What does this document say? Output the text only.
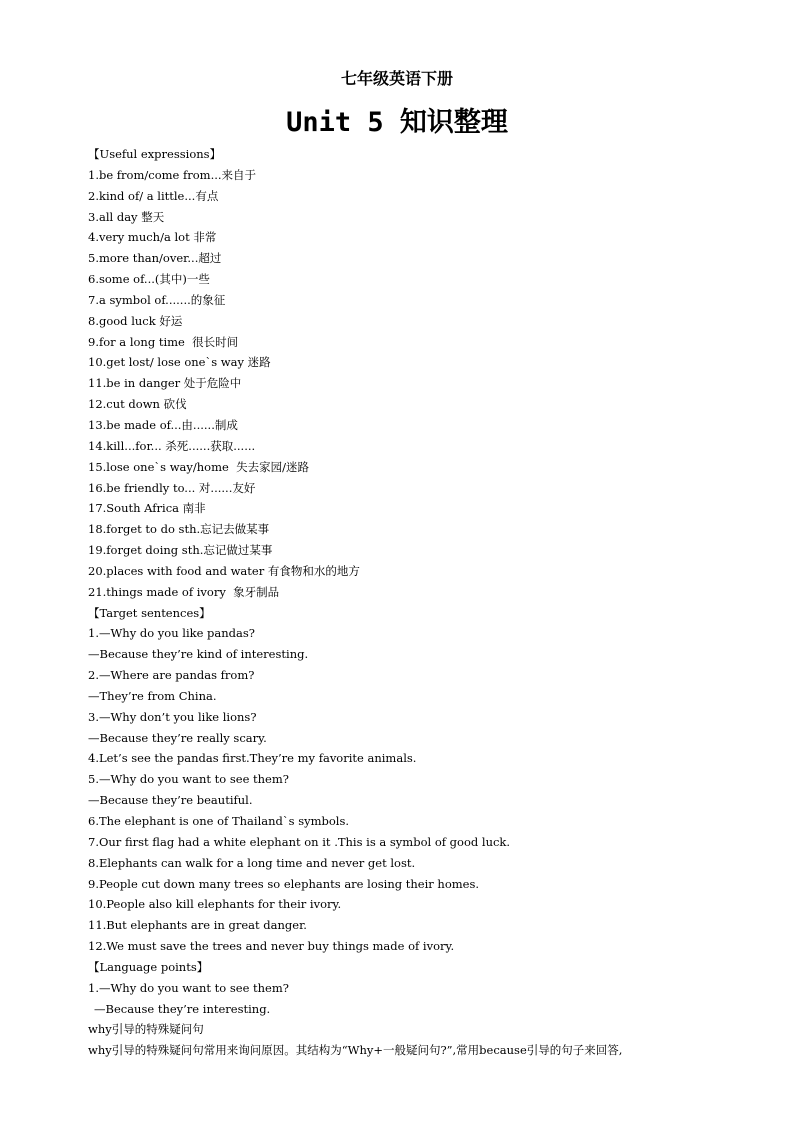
七年级英语下册
Unit 5 知识整理
【Useful expressions】
1.be from/come from...来自于
2.kind of/ a little...有点
3.all day 整天
4.very much/a lot 非常
5.more than/over...超过
6.some of...(其中)一些
7.a symbol of.......的象征
8.good luck 好运
9.for a long time  很长时间
10.get lost/ lose one`s way 迷路
11.be in danger 处于危险中
12.cut down 砍伐
13.be made of...由......制成
14.kill...for... 杀死......获取......
15.lose one`s way/home  失去家园/迷路
16.be friendly to... 对......友好
17.South Africa 南非
18.forget to do sth.忘记去做某事
19.forget doing sth.忘记做过某事
20.places with food and water 有食物和水的地方
21.things made of ivory  象牙制品
【Target sentences】
1.—Why do you like pandas?
—Because they’re kind of interesting.
2.—Where are pandas from?
—They’re from China.
3.—Why don’t you like lions?
—Because they’re really scary.
4.Let’s see the pandas first.They’re my favorite animals.
5.—Why do you want to see them?
—Because they’re beautiful.
6.The elephant is one of Thailand`s symbols.
7.Our first flag had a white elephant on it .This is a symbol of good luck.
8.Elephants can walk for a long time and never get lost.
9.People cut down many trees so elephants are losing their homes.
10.People also kill elephants for their ivory.
11.But elephants are in great danger.
12.We must save the trees and never buy things made of ivory.
【Language points】
1.—Why do you want to see them?
—Because they’re interesting.
why引导的特殊疑问句
why引导的特殊疑问句常用来询问原因。其结构为“Why+一般疑问句?”,常用because引导的句子来回答,
